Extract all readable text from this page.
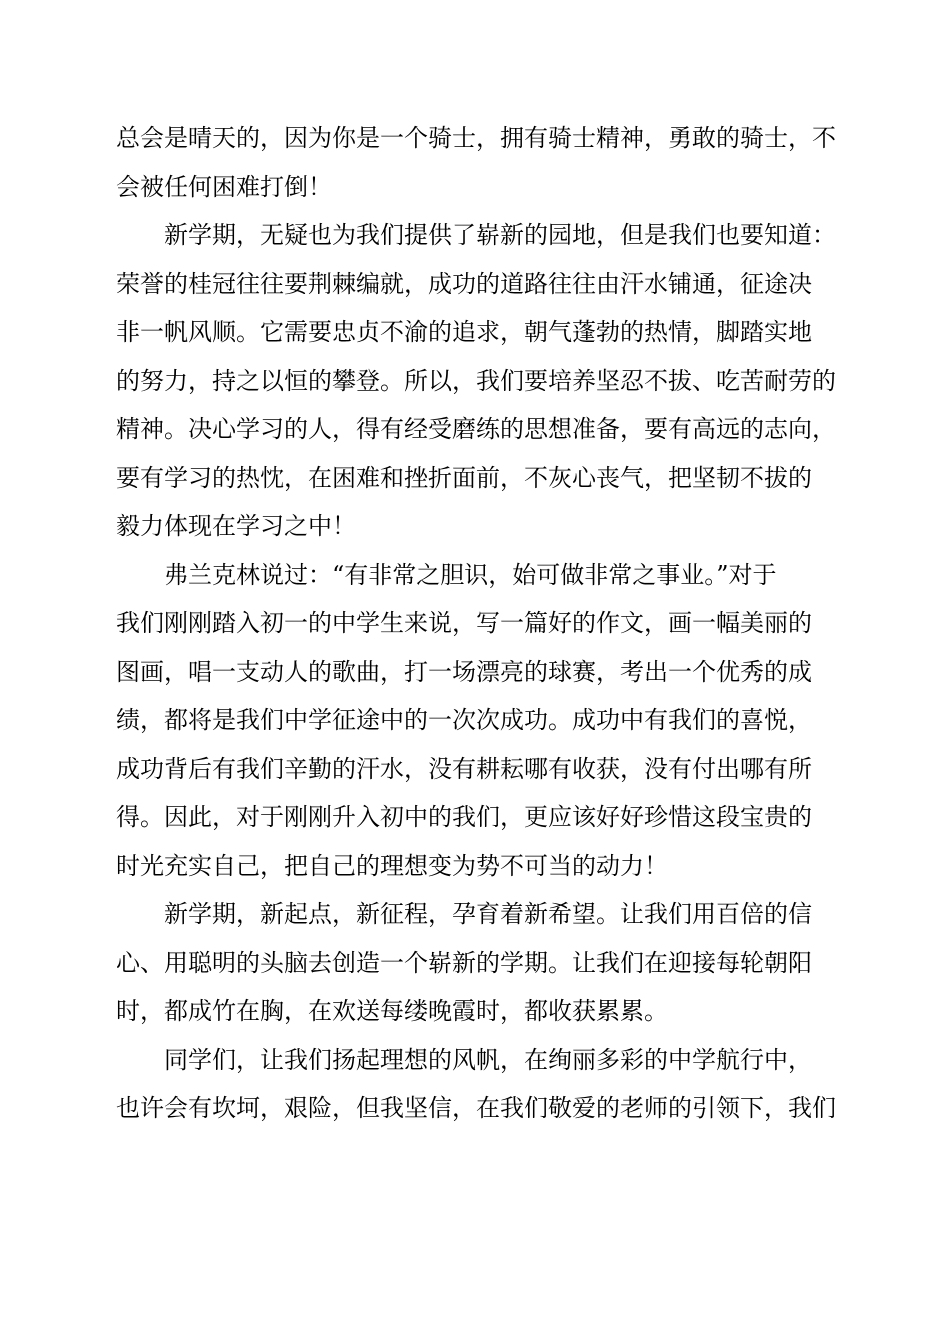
总会是晴天的，因为你是一个骑士，拥有骑士精神，勇敢的骑士，不
会被任何困难打倒！
新学期，无疑也为我们提供了崭新的园地，但是我们也要知道：
荣誉的桂冠往往要荆棘编就，成功的道路往往由汗水铺通，征途决
非一帆风顺。它需要忠贞不渝的追求，朝气蓬勃的热情，脚踏实地
的努力，持之以恒的攀登。所以，我们要培养坚忍不拔、吃苦耐劳的
精神。决心学习的人，得有经受磨练的思想准备，要有高远的志向，
要有学习的热忱，在困难和挫折面前，不灰心丧气，把坚韧不拔的
毅力体现在学习之中！
弗兰克林说过：“有非常之胆识，始可做非常之事业。”对于
我们刚刚踏入初一的中学生来说，写一篇好的作文，画一幅美丽的
图画，唱一支动人的歌曲，打一场漂亮的球赛，考出一个优秀的成
绩，都将是我们中学征途中的一次次成功。成功中有我们的喜悦，
成功背后有我们辛勤的汗水，没有耕耘哪有收获，没有付出哪有所
得。因此，对于刚刚升入初中的我们，更应该好好珍惜这段宝贵的
时光充实自己，把自己的理想变为势不可当的动力！
新学期，新起点，新征程，孕育着新希望。让我们用百倍的信
心、用聪明的头脑去创造一个崭新的学期。让我们在迎接每轮朝阳
时，都成竹在胸，在欢送每缕晚霞时，都收获累累。
同学们，让我们扬起理想的风帆，在绚丽多彩的中学航行中，
也许会有坎坷，艰险，但我坚信，在我们敬爱的老师的引领下，我们
